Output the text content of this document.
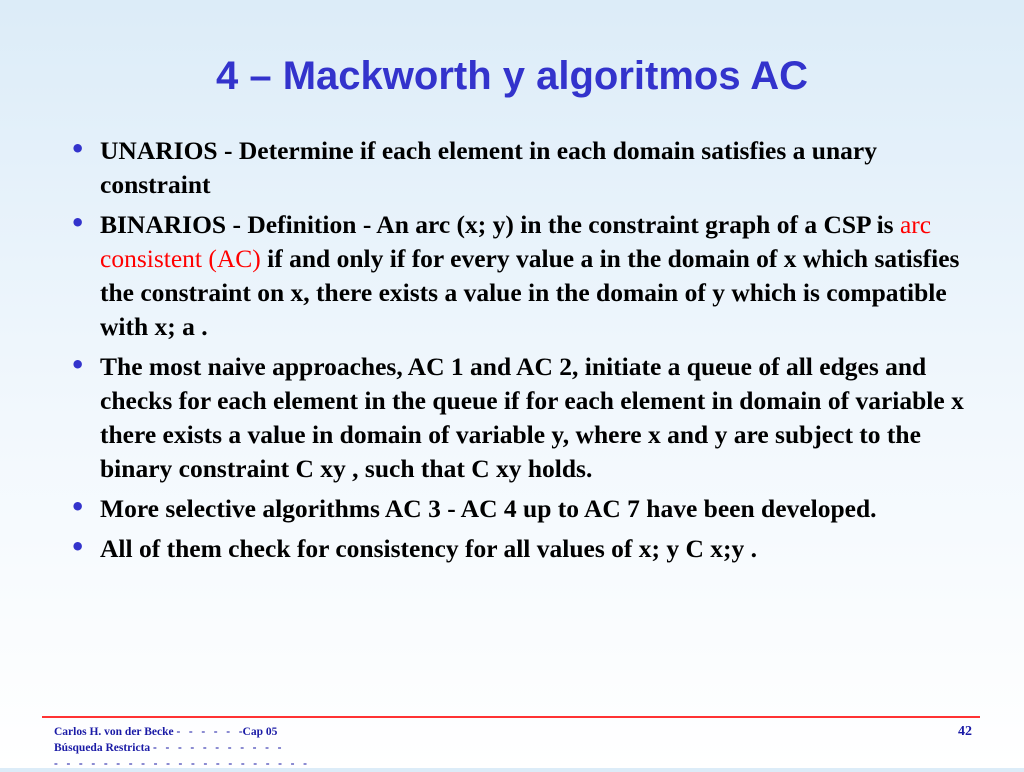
4 – Mackworth y algoritmos AC
• UNARIOS - Determine if each element in each domain satisfies a unary constraint
• BINARIOS - Definition - An arc (x; y) in the constraint graph of a CSP is arc consistent (AC) if and only if for every value a in the domain of x which satisfies the constraint on x, there exists a value in the domain of y which is compatible with x; a .
• The most naive approaches, AC 1 and AC 2, initiate a queue of all edges and checks for each element in the queue if for each element in domain of variable x there exists a value in domain of variable y, where x and y are subject to the binary constraint C xy , such that C xy holds.
• More selective algorithms AC 3 - AC 4 up to AC 7 have been developed.
• All of them check for consistency for all values of x; y C x;y .
Carlos H. von der Becke -   -   -   -   -   -Cap 05
Búsqueda Restricta -   -   -   -   -   -   -   -   -   -   -
-   -   -   -   -   -   -   -   -   -   -   -   -   -   -   -   -   -   -   -   -
42
